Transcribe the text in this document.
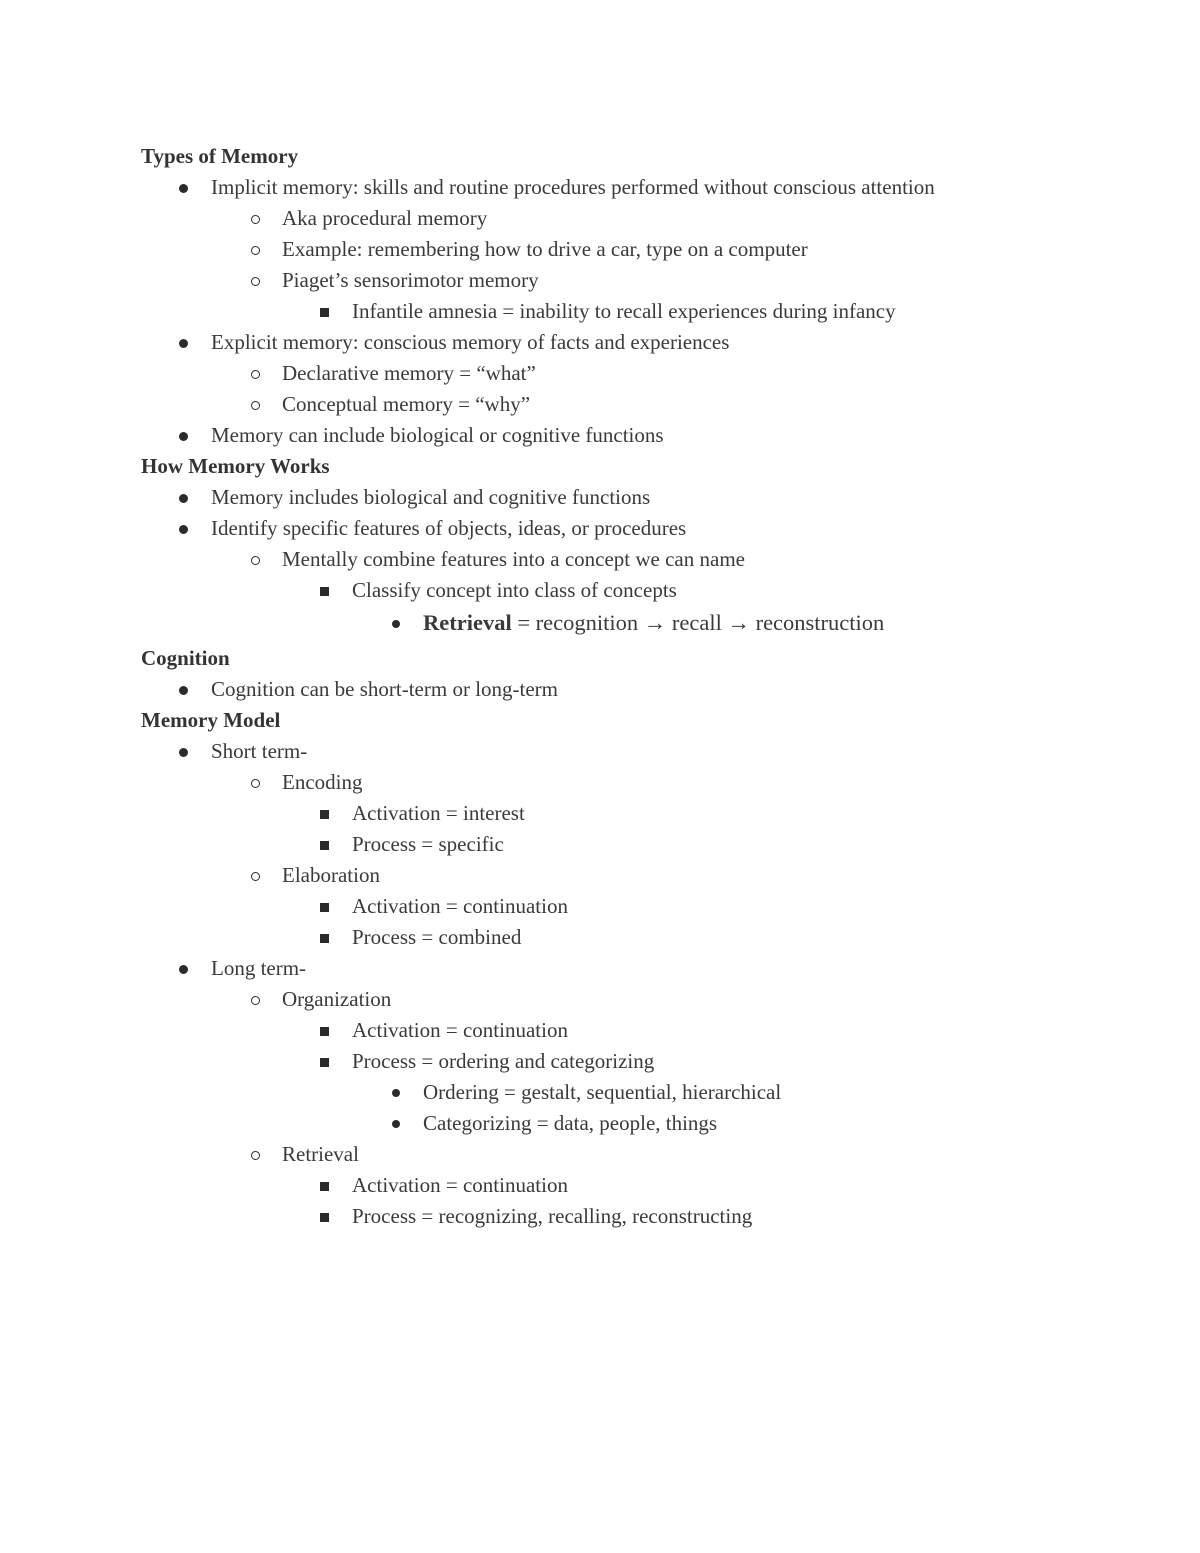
Types of Memory
Implicit memory: skills and routine procedures performed without conscious attention
Aka procedural memory
Example: remembering how to drive a car, type on a computer
Piaget’s sensorimotor memory
Infantile amnesia = inability to recall experiences during infancy
Explicit memory: conscious memory of facts and experiences
Declarative memory = “what”
Conceptual memory = “why”
Memory can include biological or cognitive functions
How Memory Works
Memory includes biological and cognitive functions
Identify specific features of objects, ideas, or procedures
Mentally combine features into a concept we can name
Classify concept into class of concepts
Retrieval = recognition → recall → reconstruction
Cognition
Cognition can be short-term or long-term
Memory Model
Short term-
Encoding
Activation = interest
Process = specific
Elaboration
Activation = continuation
Process = combined
Long term-
Organization
Activation = continuation
Process = ordering and categorizing
Ordering = gestalt, sequential, hierarchical
Categorizing = data, people, things
Retrieval
Activation = continuation
Process = recognizing, recalling, reconstructing
